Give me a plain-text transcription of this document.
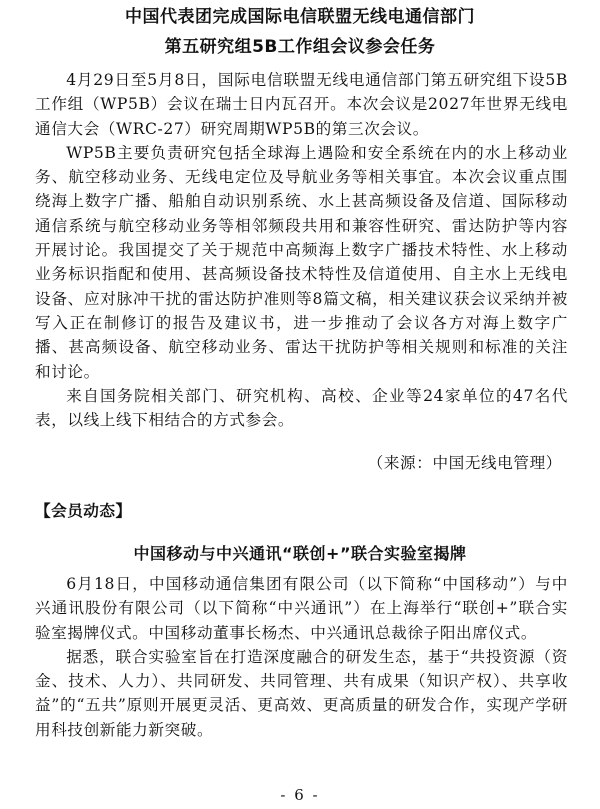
中国代表团完成国际电信联盟无线电通信部门
第五研究组5B工作组会议参会任务

4月29日至5月8日，国际电信联盟无线电通信部门第五研究组下设5B工作组（WP5B）会议在瑞士日内瓦召开。本次会议是2027年世界无线电通信大会（WRC-27）研究周期WP5B的第三次会议。

WP5B主要负责研究包括全球海上遇险和安全系统在内的水上移动业务、航空移动业务、无线电定位及导航业务等相关事宜。本次会议重点围绕海上数字广播、船舶自动识别系统、水上甚高频设备及信道、国际移动通信系统与航空移动业务等相邻频段共用和兼容性研究、雷达防护等内容开展讨论。我国提交了关于规范中高频海上数字广播技术特性、水上移动业务标识指配和使用、甚高频设备技术特性及信道使用、自主水上无线电设备、应对脉冲干扰的雷达防护准则等8篇文稿，相关建议获会议采纳并被写入正在制修订的报告及建议书，进一步推动了会议各方对海上数字广播、甚高频设备、航空移动业务、雷达干扰防护等相关规则和标准的关注和讨论。

来自国务院相关部门、研究机构、高校、企业等24家单位的47名代表，以线上线下相结合的方式参会。

（来源：中国无线电管理）
【会员动态】
中国移动与中兴通讯“联创+”联合实验室揭牌

6月18日，中国移动通信集团有限公司（以下简称“中国移动”）与中兴通讯股份有限公司（以下简称“中兴通讯”）在上海举行“联创+”联合实验室揭牌仪式。中国移动董事长杨杰、中兴通讯总裁徐子阳出席仪式。

据悉，联合实验室旨在打造深度融合的研发生态，基于“共投资源（资金、技术、人力）、共同研发、共同管理、共有成果（知识产权）、共享收益”的“五共”原则开展更灵活、更高效、更高质量的研发合作，实现产学研用科技创新能力新突破。

- 6 -
